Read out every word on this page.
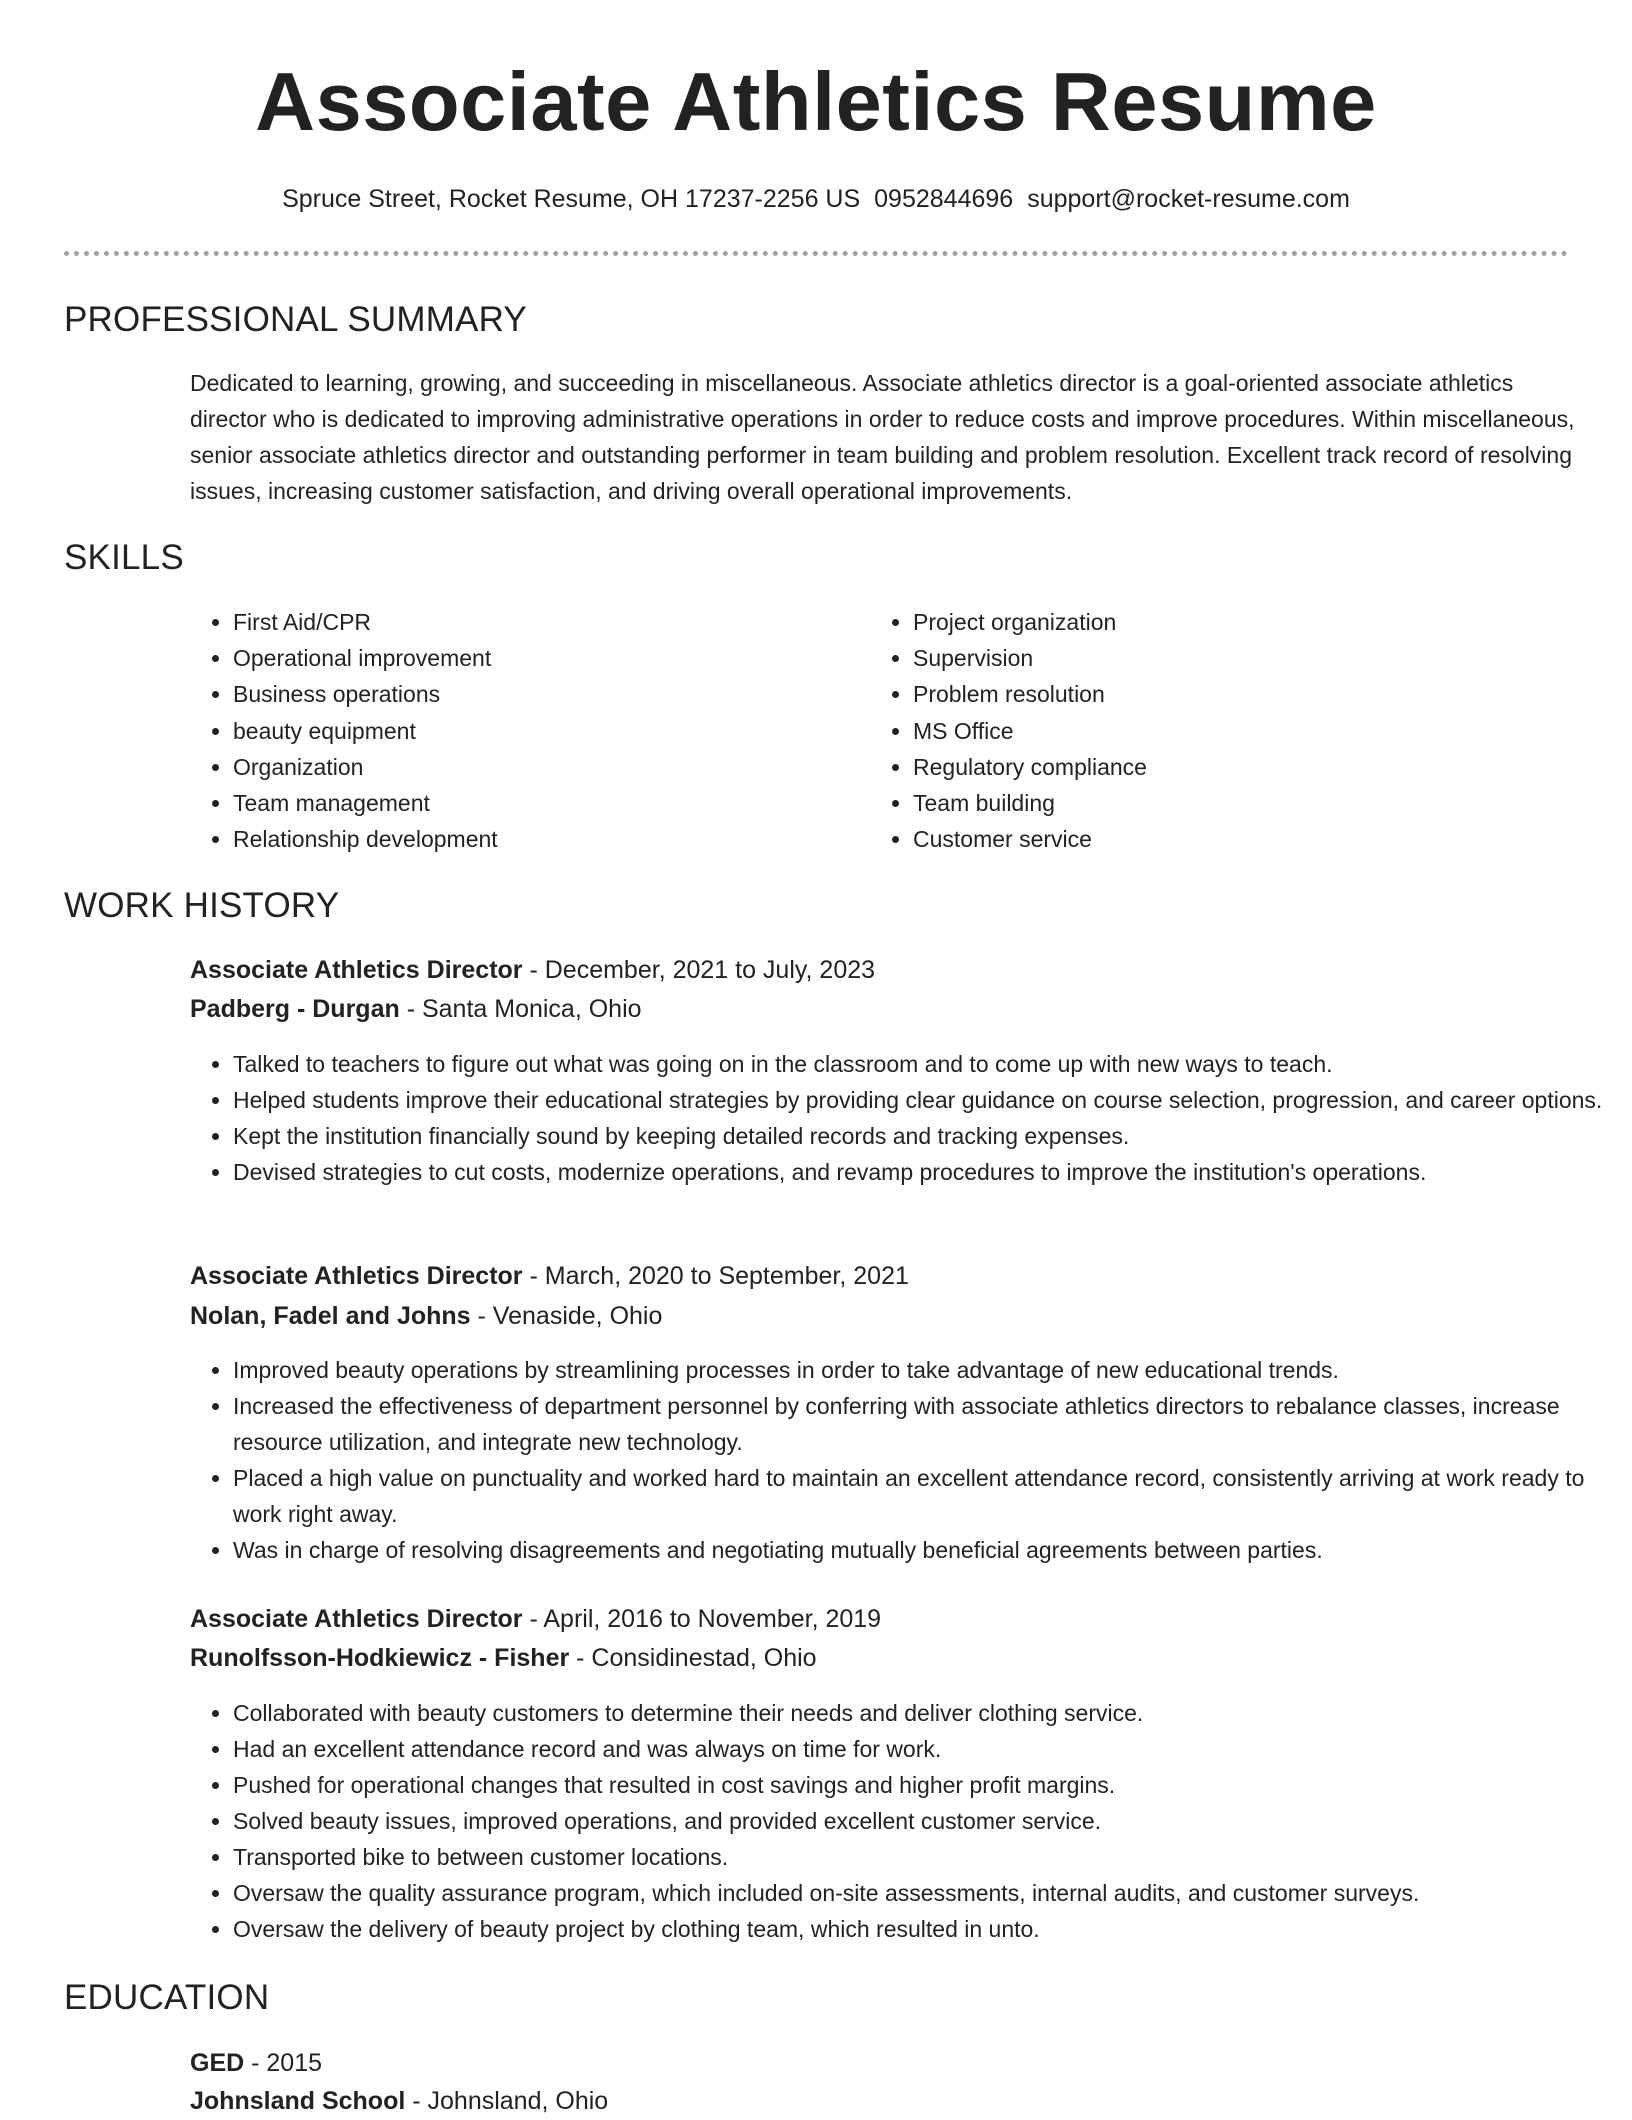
Associate Athletics Resume
Spruce Street, Rocket Resume, OH 17237-2256 US 0952844696 support@rocket-resume.com
PROFESSIONAL SUMMARY

Dedicated to learning, growing, and succeeding in miscellaneous. Associate athletics director is a goal-oriented associate athletics director who is dedicated to improving administrative operations in order to reduce costs and improve procedures. Within miscellaneous, senior associate athletics director and outstanding performer in team building and problem resolution. Excellent track record of resolving issues, increasing customer satisfaction, and driving overall operational improvements.

SKILLS
• First Aid/CPR
• Operational improvement
• Business operations
• beauty equipment
• Organization
• Team management
• Relationship development
• Project organization
• Supervision
• Problem resolution
• MS Office
• Regulatory compliance
• Team building
• Customer service
WORK HISTORY
Associate Athletics Director - December, 2021 to July, 2023
Padberg - Durgan - Santa Monica, Ohio
• Talked to teachers to figure out what was going on in the classroom and to come up with new ways to teach.
• Helped students improve their educational strategies by providing clear guidance on course selection, progression, and career options.
• Kept the institution financially sound by keeping detailed records and tracking expenses.
• Devised strategies to cut costs, modernize operations, and revamp procedures to improve the institution's operations.
Associate Athletics Director - March, 2020 to September, 2021
Nolan, Fadel and Johns - Venaside, Ohio
• Improved beauty operations by streamlining processes in order to take advantage of new educational trends.
• Increased the effectiveness of department personnel by conferring with associate athletics directors to rebalance classes, increase resource utilization, and integrate new technology.
• Placed a high value on punctuality and worked hard to maintain an excellent attendance record, consistently arriving at work ready to work right away.
• Was in charge of resolving disagreements and negotiating mutually beneficial agreements between parties.
Associate Athletics Director - April, 2016 to November, 2019
Runolfsson-Hodkiewicz - Fisher - Considinestad, Ohio
• Collaborated with beauty customers to determine their needs and deliver clothing service.
• Had an excellent attendance record and was always on time for work.
• Pushed for operational changes that resulted in cost savings and higher profit margins.
• Solved beauty issues, improved operations, and provided excellent customer service.
• Transported bike to between customer locations.
• Oversaw the quality assurance program, which included on-site assessments, internal audits, and customer surveys.
• Oversaw the delivery of beauty project by clothing team, which resulted in unto.
EDUCATION
GED - 2015
Johnsland School - Johnsland, Ohio
